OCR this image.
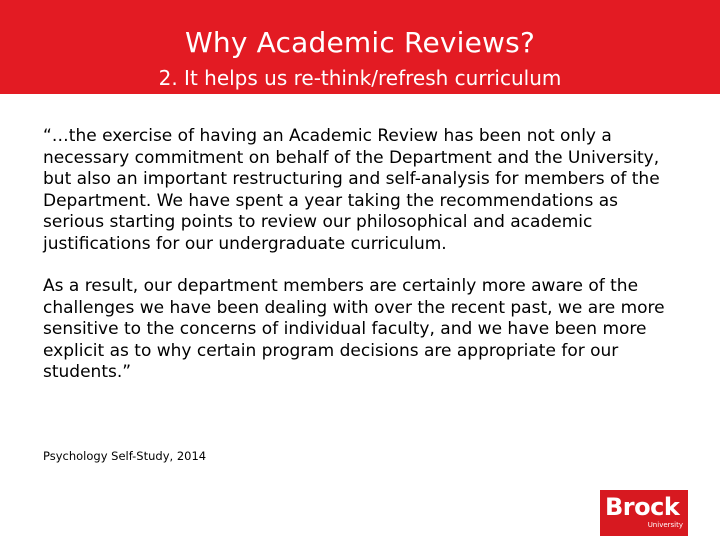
Why Academic Reviews?
2. It helps us re-think/refresh curriculum

“…the exercise of having an Academic Review has been not only a necessary commitment on behalf of the Department and the University, but also an important restructuring and self-analysis for members of the Department. We have spent a year taking the recommendations as serious starting points to review our philosophical and academic justifications for our undergraduate curriculum.

As a result, our department members are certainly more aware of the challenges we have been dealing with over the recent past, we are more sensitive to the concerns of individual faculty, and we have been more explicit as to why certain program decisions are appropriate for our students.”

Psychology Self-Study, 2014
Brock
University
